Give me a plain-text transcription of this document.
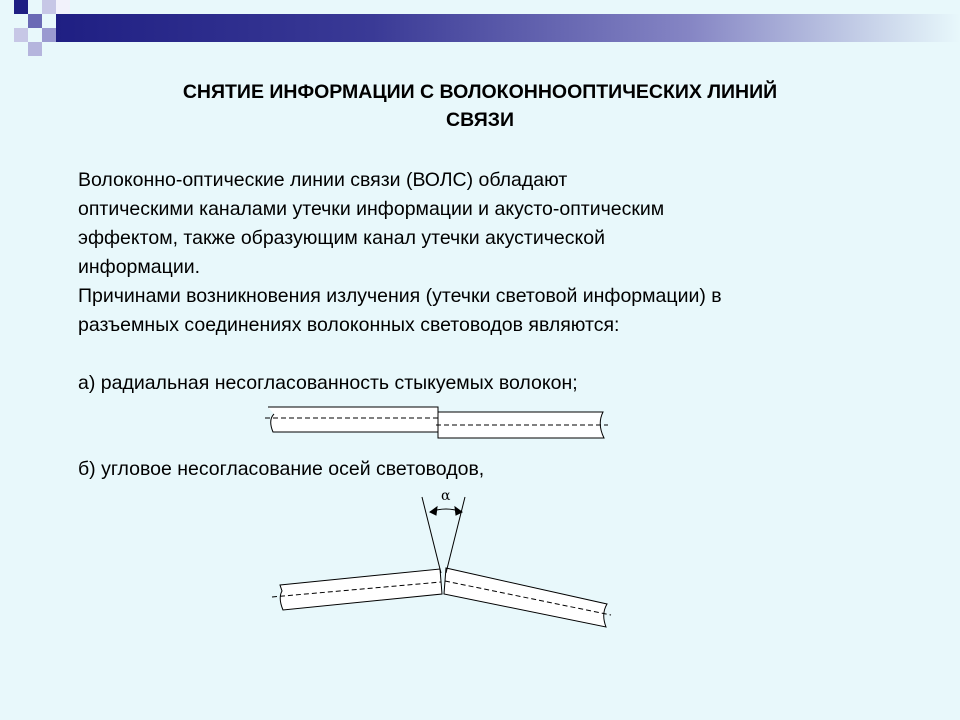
СНЯТИЕ ИНФОРМАЦИИ С ВОЛОКОННООПТИЧЕСКИХ ЛИНИЙ
СВЯЗИ
Волоконно-оптические линии связи (ВОЛС) обладают
оптическими каналами утечки информации и акусто-оптическим
эффектом, также образующим канал утечки акустической
информации.
Причинами возникновения излучения (утечки световой информации) в
разъемных соединениях волоконных световодов являются:
а) радиальная несогласованность стыкуемых волокон;
б) угловое несогласование осей световодов,
α
